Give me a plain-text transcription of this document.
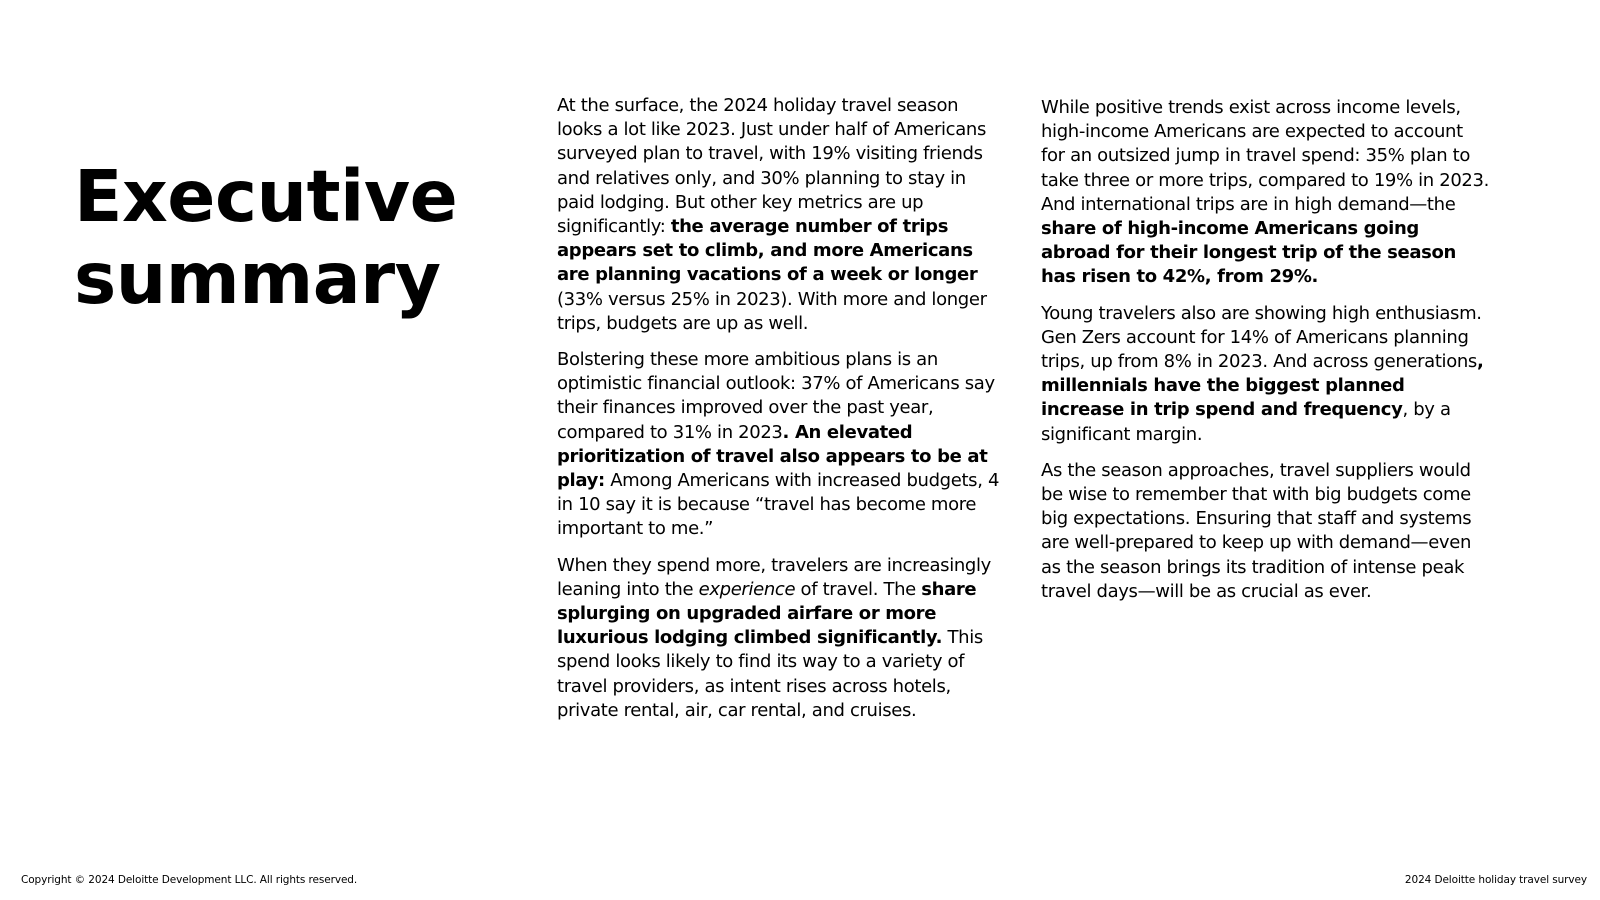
Executive
summary

At the surface, the 2024 holiday travel season looks a lot like 2023. Just under half of Americans surveyed plan to travel, with 19% visiting friends and relatives only, and 30% planning to stay in paid lodging. But other key metrics are up significantly: the average number of trips appears set to climb, and more Americans are planning vacations of a week or longer (33% versus 25% in 2023). With more and longer trips, budgets are up as well.

Bolstering these more ambitious plans is an optimistic financial outlook: 37% of Americans say their finances improved over the past year, compared to 31% in 2023. An elevated prioritization of travel also appears to be at play: Among Americans with increased budgets, 4 in 10 say it is because “travel has become more important to me.”

When they spend more, travelers are increasingly leaning into the experience of travel. The share splurging on upgraded airfare or more luxurious lodging climbed significantly. This spend looks likely to find its way to a variety of travel providers, as intent rises across hotels, private rental, air, car rental, and cruises.

While positive trends exist across income levels, high-income Americans are expected to account for an outsized jump in travel spend: 35% plan to take three or more trips, compared to 19% in 2023. And international trips are in high demand—the share of high-income Americans going abroad for their longest trip of the season has risen to 42%, from 29%.

Young travelers also are showing high enthusiasm. Gen Zers account for 14% of Americans planning trips, up from 8% in 2023. And across generations, millennials have the biggest planned increase in trip spend and frequency, by a significant margin.

As the season approaches, travel suppliers would be wise to remember that with big budgets come big expectations. Ensuring that staff and systems are well-prepared to keep up with demand—even as the season brings its tradition of intense peak travel days—will be as crucial as ever.

Copyright © 2024 Deloitte Development LLC. All rights reserved.	2024 Deloitte holiday travel survey
